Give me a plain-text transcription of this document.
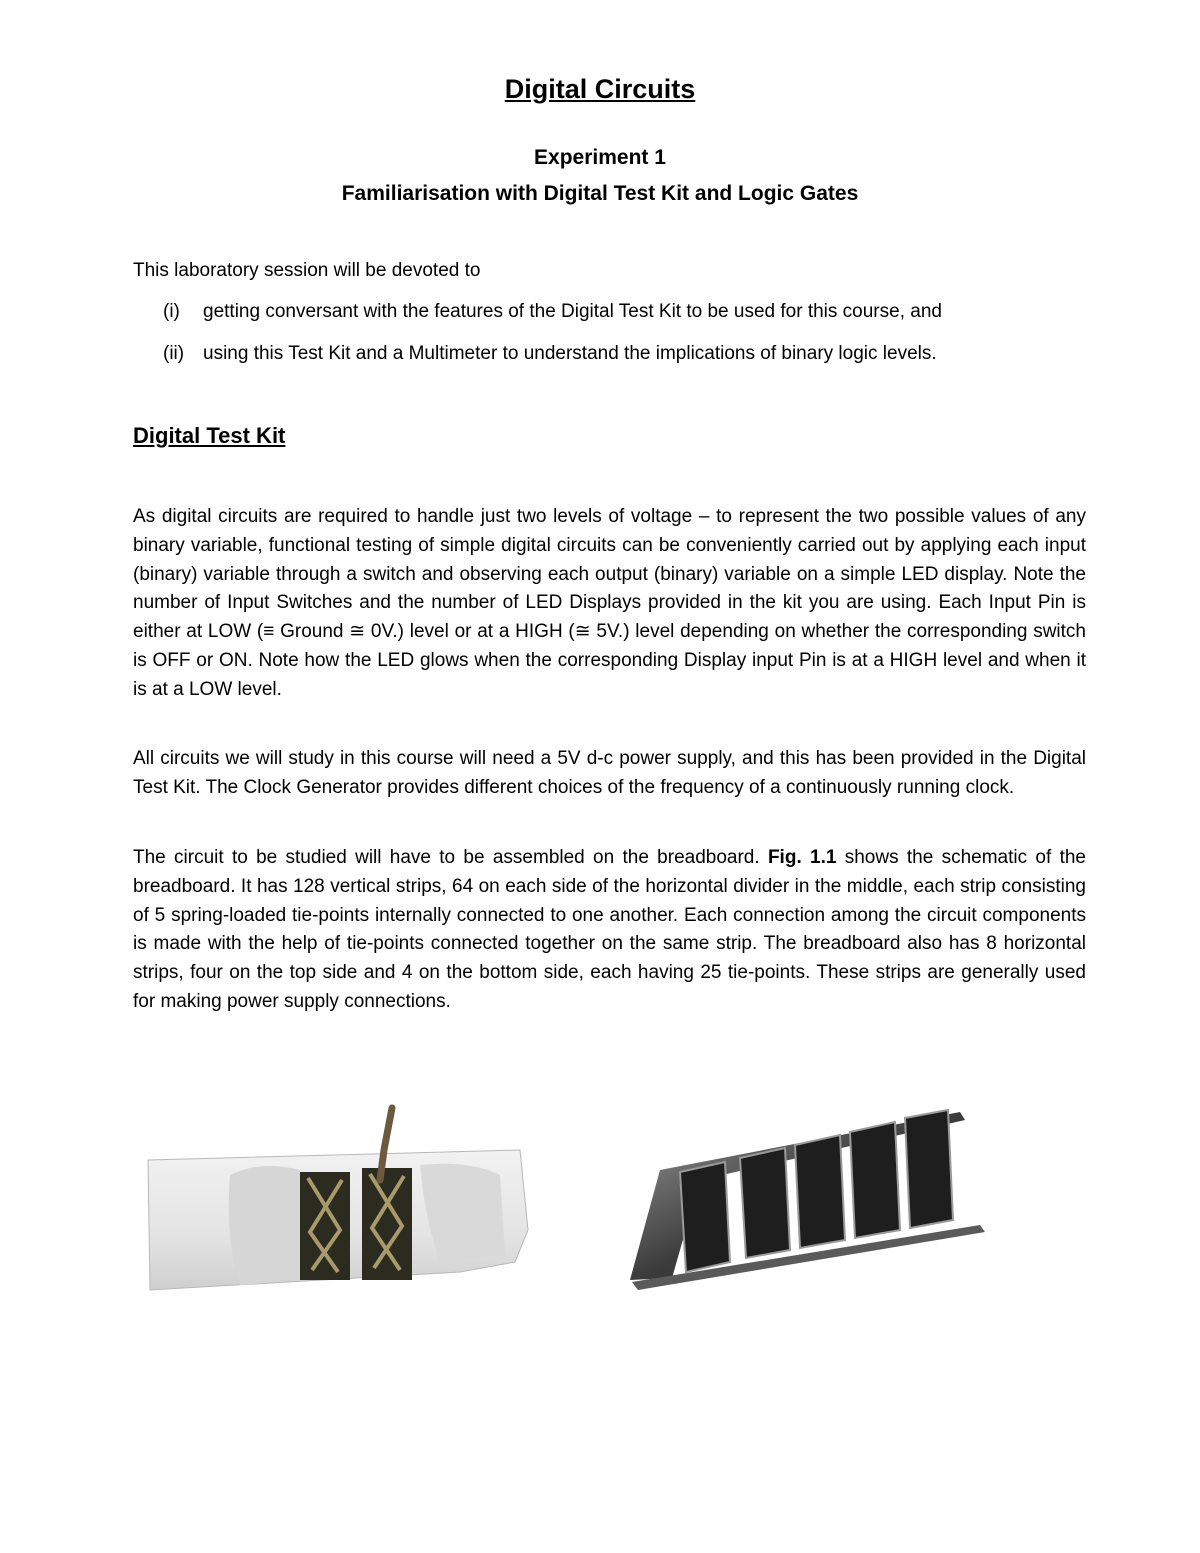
Digital Circuits
Experiment 1
Familiarisation with Digital Test Kit and Logic Gates
This laboratory session will be devoted to
(i) getting conversant with the features of the Digital Test Kit to be used for this course, and
(ii) using this Test Kit and a Multimeter to understand the implications of binary logic levels.
Digital Test Kit

As digital circuits are required to handle just two levels of voltage – to represent the two possible values of any binary variable, functional testing of simple digital circuits can be conveniently carried out by applying each input (binary) variable through a switch and observing each output (binary) variable on a simple LED display. Note the number of Input Switches and the number of LED Displays provided in the kit you are using. Each Input Pin is either at LOW (≡ Ground ≅ 0V.) level or at a HIGH (≅ 5V.) level depending on whether the corresponding switch is OFF or ON. Note how the LED glows when the corresponding Display input Pin is at a HIGH level and when it is at a LOW level.

All circuits we will study in this course will need a 5V d-c power supply, and this has been provided in the Digital Test Kit. The Clock Generator provides different choices of the frequency of a continuously running clock.

The circuit to be studied will have to be assembled on the breadboard. Fig. 1.1 shows the schematic of the breadboard. It has 128 vertical strips, 64 on each side of the horizontal divider in the middle, each strip consisting of 5 spring-loaded tie-points internally connected to one another. Each connection among the circuit components is made with the help of tie-points connected together on the same strip. The breadboard also has 8 horizontal strips, four on the top side and 4 on the bottom side, each having 25 tie-points. These strips are generally used for making power supply connections.
